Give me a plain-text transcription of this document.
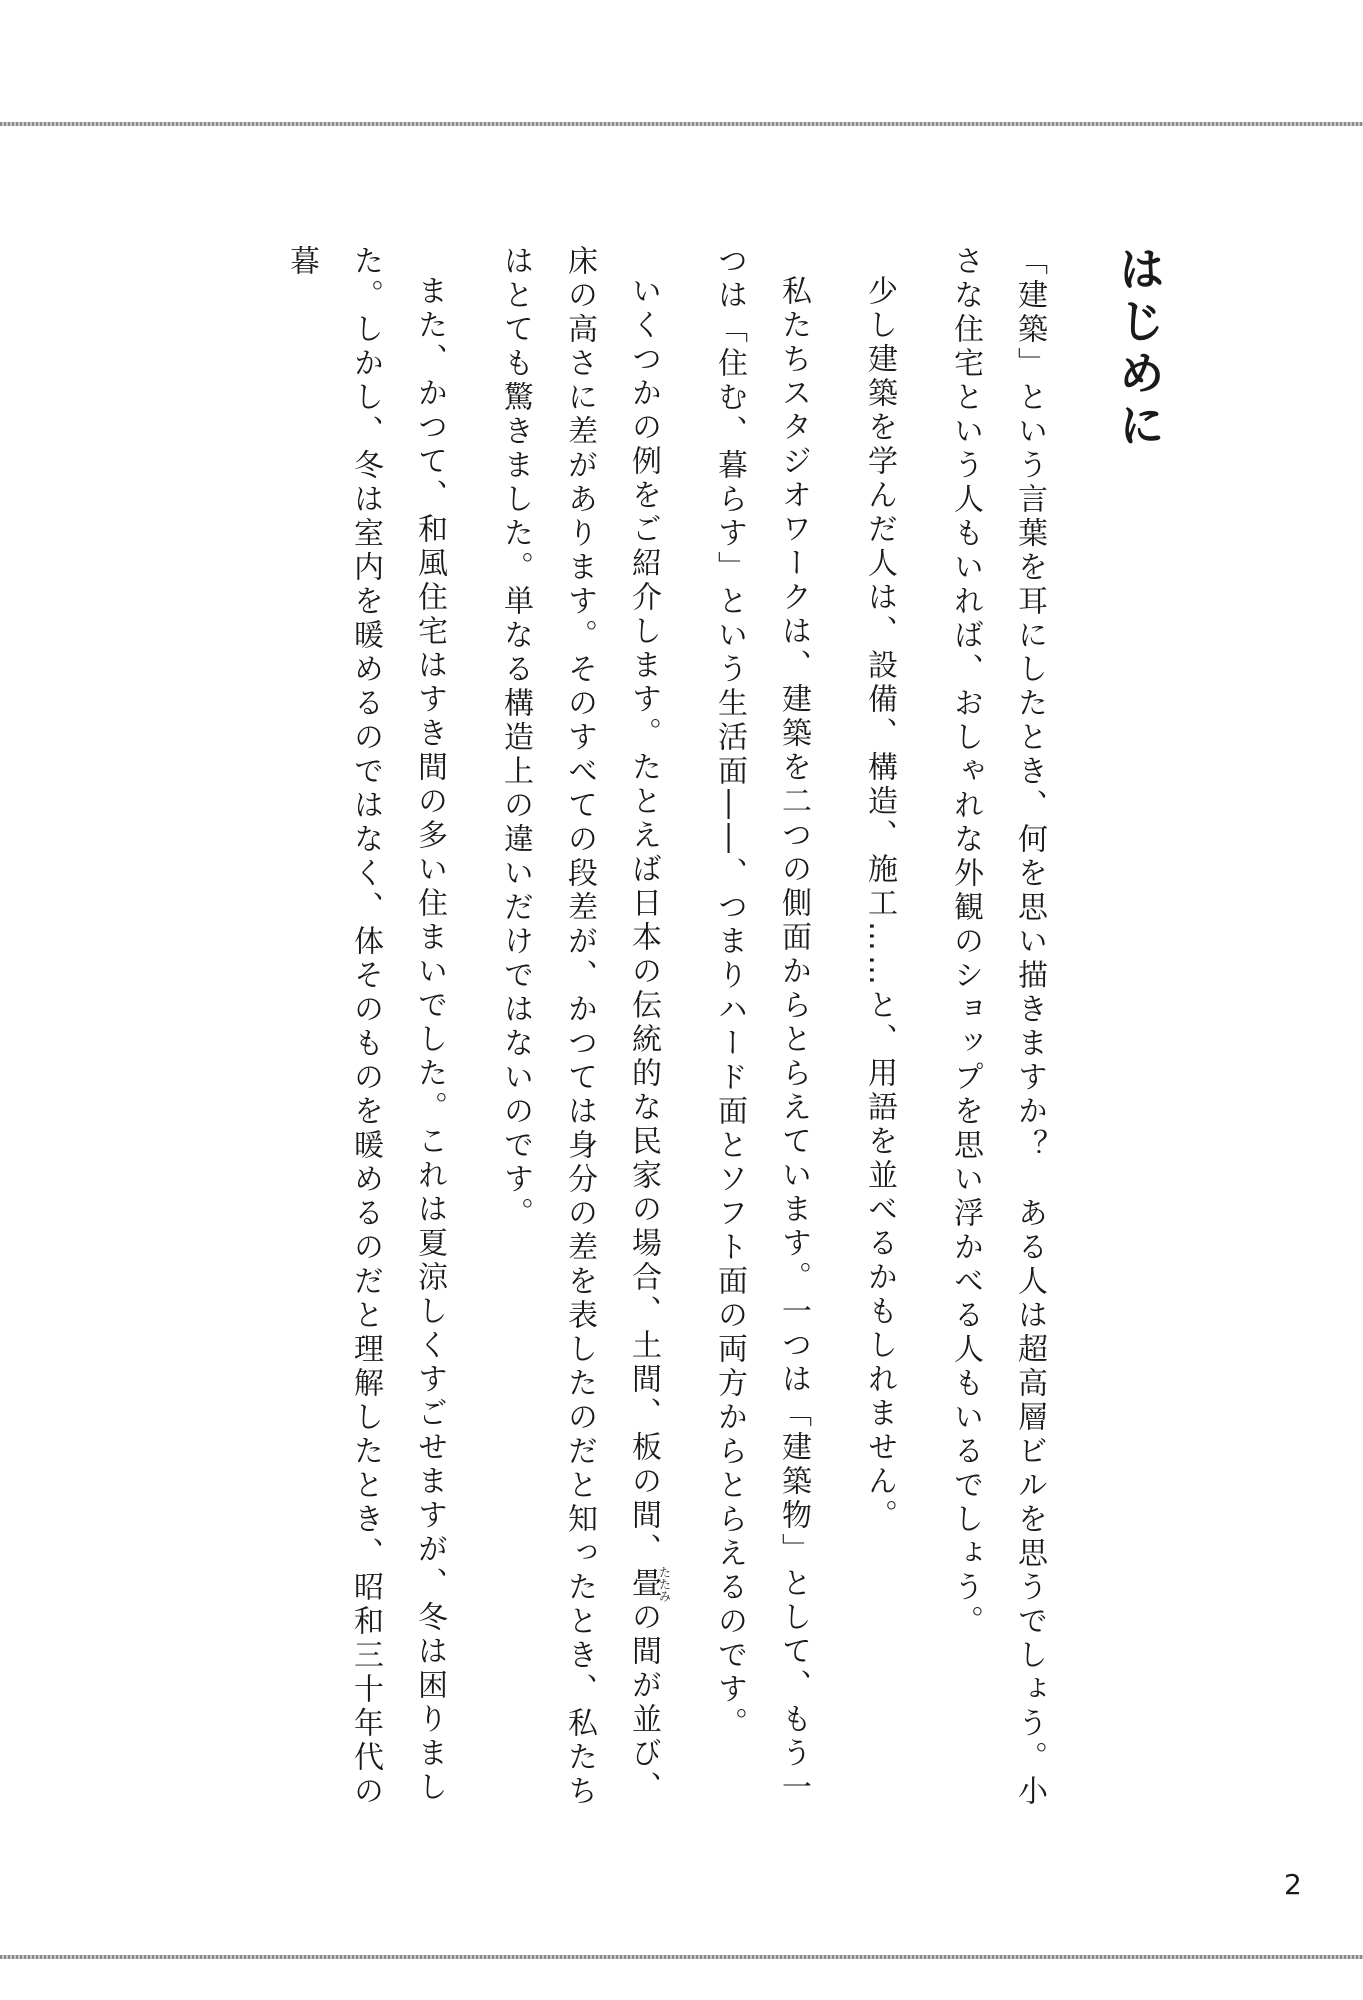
はじめに

「建築」という言葉を耳にしたとき、何を思い描きますか？　ある人は超高層ビルを思うでしょう。小さな住宅という人もいれば、おしゃれな外観のショップを思い浮かべる人もいるでしょう。

少し建築を学んだ人は、設備、構造、施工……と、用語を並べるかもしれません。

私たちスタジオワークは、建築を二つの側面からとらえています。一つは「建築物」として、もう一つは「住む、暮らす」という生活面――、つまりハード面とソフト面の両方からとらえるのです。

いくつかの例をご紹介します。たとえば日本の伝統的な民家の場合、土間、板の間、畳たたみの間が並び、床の高さに差があります。そのすべての段差が、かつては身分の差を表したのだと知ったとき、私たちはとても驚きました。単なる構造上の違いだけではないのです。

また、かつて、和風住宅はすき間の多い住まいでした。これは夏涼しくすごせますが、冬は困りました。しかし、冬は室内を暖めるのではなく、体そのものを暖めるのだと理解したとき、昭和三十年代の暮

2
